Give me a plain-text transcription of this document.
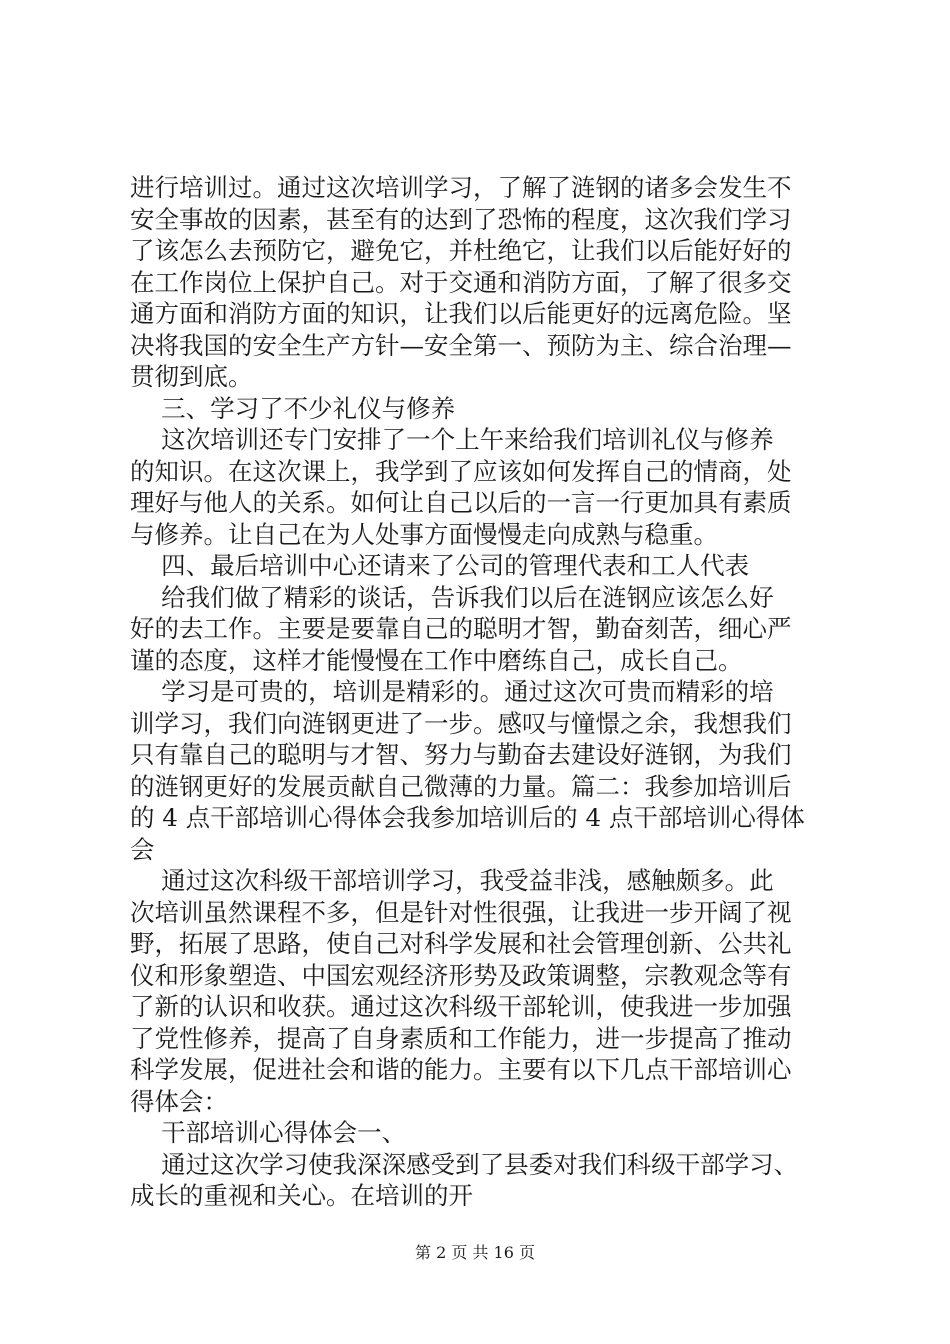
进行培训过。通过这次培训学习，了解了涟钢的诸多会发生不
安全事故的因素，甚至有的达到了恐怖的程度，这次我们学习
了该怎么去预防它，避免它，并杜绝它，让我们以后能好好的
在工作岗位上保护自己。对于交通和消防方面，了解了很多交
通方面和消防方面的知识，让我们以后能更好的远离危险。坚
决将我国的安全生产方针—安全第一、预防为主、综合治理—
贯彻到底。
三、学习了不少礼仪与修养
这次培训还专门安排了一个上午来给我们培训礼仪与修养
的知识。在这次课上，我学到了应该如何发挥自己的情商，处
理好与他人的关系。如何让自己以后的一言一行更加具有素质
与修养。让自己在为人处事方面慢慢走向成熟与稳重。
四、最后培训中心还请来了公司的管理代表和工人代表
给我们做了精彩的谈话，告诉我们以后在涟钢应该怎么好
好的去工作。主要是要靠自己的聪明才智，勤奋刻苦，细心严
谨的态度，这样才能慢慢在工作中磨练自己，成长自己。
学习是可贵的，培训是精彩的。通过这次可贵而精彩的培
训学习，我们向涟钢更进了一步。感叹与憧憬之余，我想我们
只有靠自己的聪明与才智、努力与勤奋去建设好涟钢，为我们
的涟钢更好的发展贡献自己微薄的力量。篇二：我参加培训后
的 4 点干部培训心得体会我参加培训后的 4 点干部培训心得体
会
通过这次科级干部培训学习，我受益非浅，感触颇多。此
次培训虽然课程不多，但是针对性很强，让我进一步开阔了视
野，拓展了思路，使自己对科学发展和社会管理创新、公共礼
仪和形象塑造、中国宏观经济形势及政策调整，宗教观念等有
了新的认识和收获。通过这次科级干部轮训，使我进一步加强
了党性修养，提高了自身素质和工作能力，进一步提高了推动
科学发展，促进社会和谐的能力。主要有以下几点干部培训心
得体会：
干部培训心得体会一、
通过这次学习使我深深感受到了县委对我们科级干部学习、
成长的重视和关心。在培训的开
第 2 页 共 16 页
